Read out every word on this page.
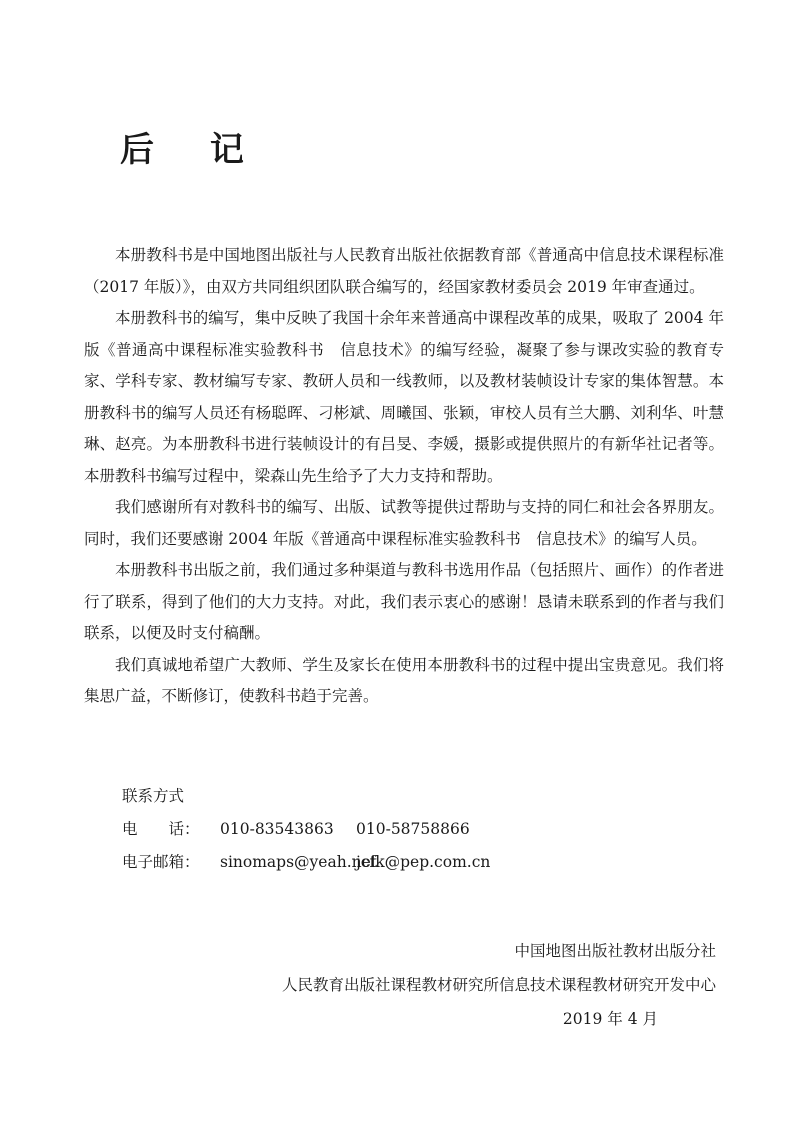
后 记

本册教科书是中国地图出版社与人民教育出版社依据教育部《普通高中信息技术课程标准（2017 年版）》，由双方共同组织团队联合编写的，经国家教材委员会 2019 年审查通过。

本册教科书的编写，集中反映了我国十余年来普通高中课程改革的成果，吸取了 2004 年版《普通高中课程标准实验教科书　信息技术》的编写经验，凝聚了参与课改实验的教育专家、学科专家、教材编写专家、教研人员和一线教师，以及教材装帧设计专家的集体智慧。本册教科书的编写人员还有杨聪晖、刁彬斌、周曦国、张颖，审校人员有兰大鹏、刘利华、叶慧琳、赵亮。为本册教科书进行装帧设计的有吕旻、李媛，摄影或提供照片的有新华社记者等。本册教科书编写过程中，梁森山先生给予了大力支持和帮助。

我们感谢所有对教科书的编写、出版、试教等提供过帮助与支持的同仁和社会各界朋友。同时，我们还要感谢 2004 年版《普通高中课程标准实验教科书　信息技术》的编写人员。

本册教科书出版之前，我们通过多种渠道与教科书选用作品（包括照片、画作）的作者进行了联系，得到了他们的大力支持。对此，我们表示衷心的感谢！恳请未联系到的作者与我们联系，以便及时支付稿酬。

我们真诚地希望广大教师、学生及家长在使用本册教科书的过程中提出宝贵意见。我们将集思广益，不断修订，使教科书趋于完善。

联系方式
电　　话：	010-83543863	010-58758866
电子邮箱：	sinomaps@yeah.net
jcfk@pep.com.cn
中国地图出版社教材出版分社
人民教育出版社课程教材研究所信息技术课程教材研究开发中心
2019 年 4 月
